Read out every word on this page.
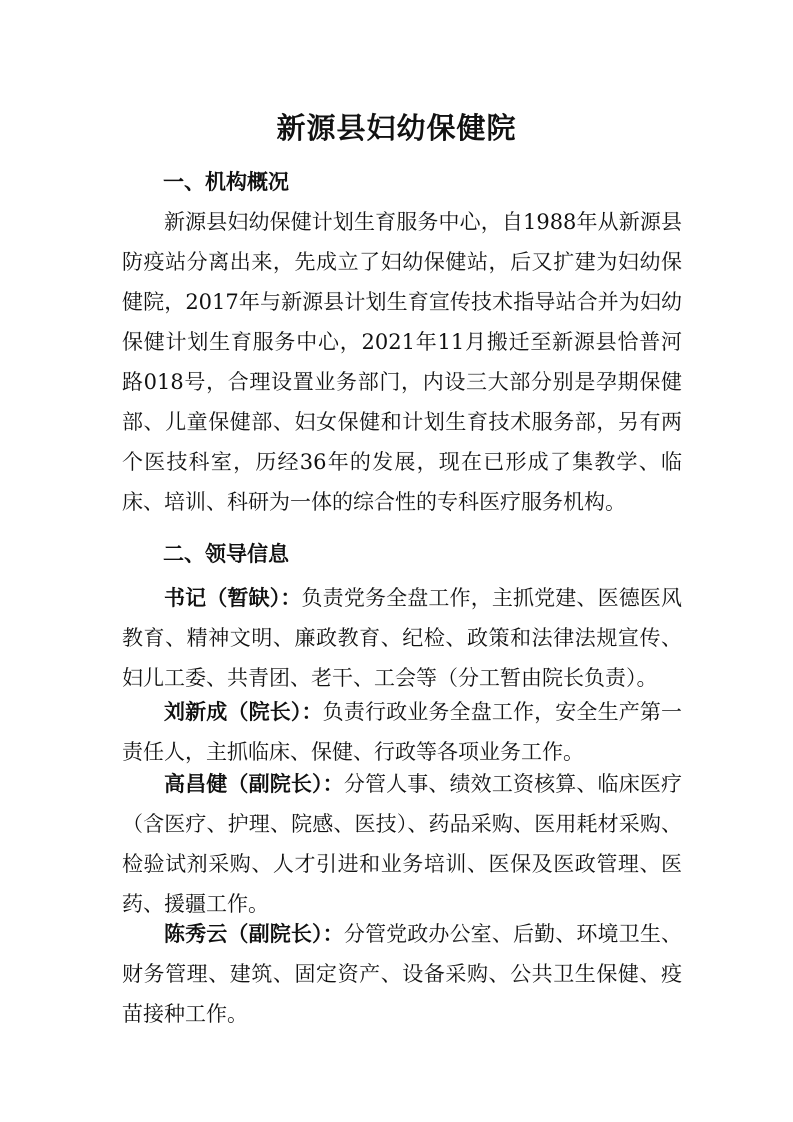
新源县妇幼保健院
一、机构概况

新源县妇幼保健计划生育服务中心，自1988年从新源县防疫站分离出来，先成立了妇幼保健站，后又扩建为妇幼保健院，2017年与新源县计划生育宣传技术指导站合并为妇幼保健计划生育服务中心，2021年11月搬迁至新源县恰普河路018号，合理设置业务部门，内设三大部分别是孕期保健部、儿童保健部、妇女保健和计划生育技术服务部，另有两个医技科室，历经36年的发展，现在已形成了集教学、临床、培训、科研为一体的综合性的专科医疗服务机构。

二、领导信息

书记（暂缺）：负责党务全盘工作，主抓党建、医德医风教育、精神文明、廉政教育、纪检、政策和法律法规宣传、妇儿工委、共青团、老干、工会等（分工暂由院长负责）。

刘新成（院长）：负责行政业务全盘工作，安全生产第一责任人，主抓临床、保健、行政等各项业务工作。

高昌健（副院长）：分管人事、绩效工资核算、临床医疗（含医疗、护理、院感、医技）、药品采购、医用耗材采购、检验试剂采购、人才引进和业务培训、医保及医政管理、医药、援疆工作。

陈秀云（副院长）：分管党政办公室、后勤、环境卫生、财务管理、建筑、固定资产、设备采购、公共卫生保健、疫苗接种工作。
